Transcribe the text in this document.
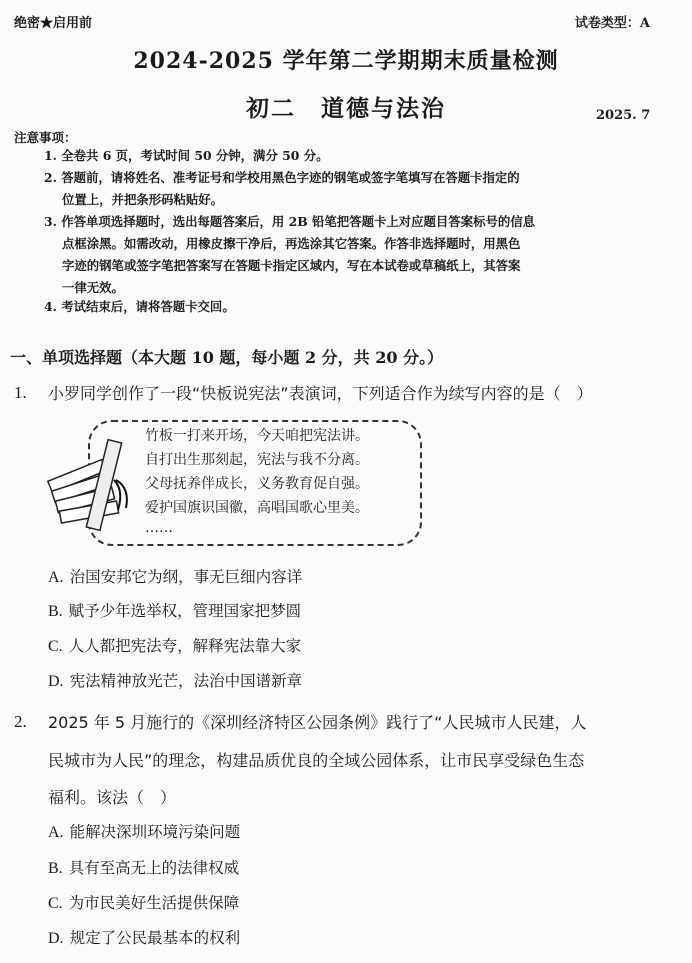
绝密★启用前	试卷类型：A
2024-2025 学年第二学期期末质量检测
初二　道德与法治	2025. 7
注意事项：
1. 全卷共 6 页，考试时间 50 分钟，满分 50 分。
2. 答题前，请将姓名、准考证号和学校用黑色字迹的钢笔或签字笔填写在答题卡指定的
位置上，并把条形码粘贴好。
3. 作答单项选择题时，选出每题答案后，用 2B 铅笔把答题卡上对应题目答案标号的信息
点框涂黑。如需改动，用橡皮擦干净后，再选涂其它答案。作答非选择题时，用黑色
字迹的钢笔或签字笔把答案写在答题卡指定区域内，写在本试卷或草稿纸上，其答案
一律无效。
4. 考试结束后，请将答题卡交回。
一、单项选择题（本大题 10 题，每小题 2 分，共 20 分。）
1. 小罗同学创作了一段“快板说宪法”表演词，下列适合作为续写内容的是（　）
竹板一打来开场，今天咱把宪法讲。
自打出生那刻起，宪法与我不分离。
父母抚养伴成长，义务教育促自强。
爱护国旗识国徽，高唱国歌心里美。
……
A. 治国安邦它为纲，事无巨细内容详
B. 赋予少年选举权，管理国家把梦圆
C. 人人都把宪法夸，解释宪法靠大家
D. 宪法精神放光芒，法治中国谱新章
2. 2025 年 5 月施行的《深圳经济特区公园条例》践行了“人民城市人民建，人
民城市为人民”的理念，构建品质优良的全域公园体系，让市民享受绿色生态
福利。该法（　）
A. 能解决深圳环境污染问题
B. 具有至高无上的法律权威
C. 为市民美好生活提供保障
D. 规定了公民最基本的权利
